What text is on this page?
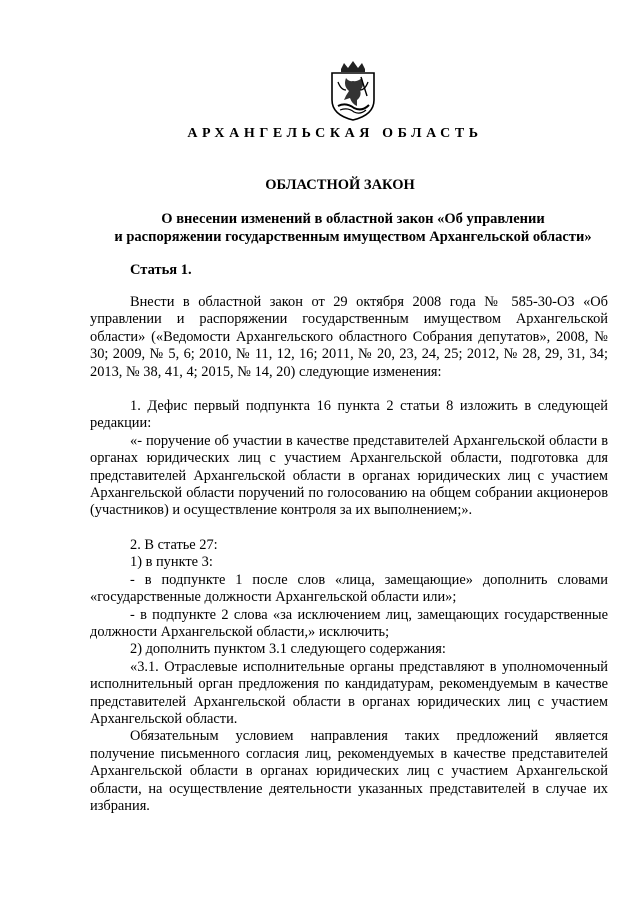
АРХАНГЕЛЬСКАЯ ОБЛАСТЬ
ОБЛАСТНОЙ ЗАКОН
О внесении изменений в областной закон «Об управлении
и распоряжении государственным имуществом Архангельской области»
Статья 1.

Внести в областной закон от 29 октября 2008 года № 585-30-ОЗ «Об управлении и распоряжении государственным имуществом Архангельской области» («Ведомости Архангельского областного Собрания депутатов», 2008, № 30; 2009, № 5, 6; 2010, № 11, 12, 16; 2011, № 20, 23, 24, 25; 2012, № 28, 29, 31, 34; 2013, № 38, 41, 4; 2015, № 14, 20) следующие изменения:

1. Дефис первый подпункта 16 пункта 2 статьи 8 изложить в следующей редакции:

«- поручение об участии в качестве представителей Архангельской области в органах юридических лиц с участием Архангельской области, подготовка для представителей Архангельской области в органах юридических лиц с участием Архангельской области поручений по голосованию на общем собрании акционеров (участников) и осуществление контроля за их выполнением;».

2. В статье 27:

1) в пункте 3:

- в подпункте 1 после слов «лица, замещающие» дополнить словами «государственные должности Архангельской области или»;

- в подпункте 2 слова «за исключением лиц, замещающих государственные должности Архангельской области,» исключить;

2) дополнить пунктом 3.1 следующего содержания:

«3.1. Отраслевые исполнительные органы представляют в уполномоченный исполнительный орган предложения по кандидатурам, рекомендуемым в качестве представителей Архангельской области в органах юридических лиц с участием Архангельской области.

Обязательным условием направления таких предложений является получение письменного согласия лиц, рекомендуемых в качестве представителей Архангельской области в органах юридических лиц с участием Архангельской области, на осуществление деятельности указанных представителей в случае их избрания.
